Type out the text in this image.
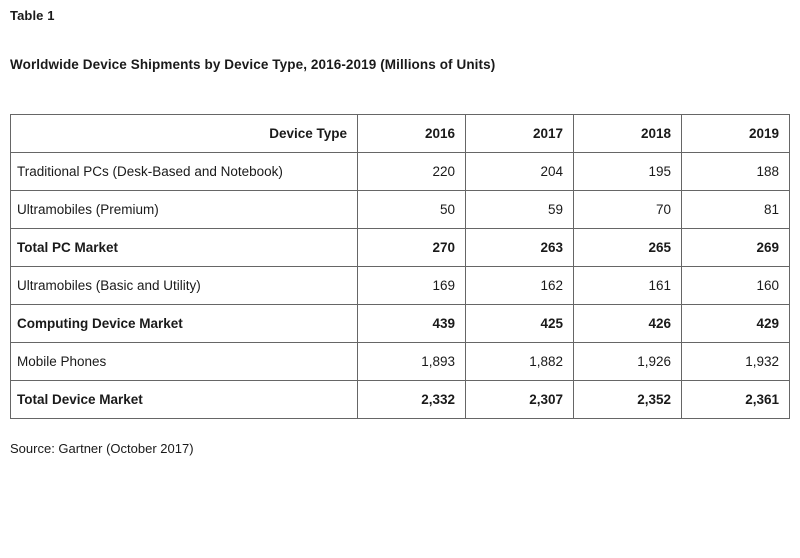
Table 1

Worldwide Device Shipments by Device Type, 2016-2019 (Millions of Units)

Device Type	2016	2017	2018	2019
Traditional PCs (Desk-Based and Notebook)	220	204	195	188
Ultramobiles (Premium)	50	59	70	81
Total PC Market	270	263	265	269
Ultramobiles (Basic and Utility)	169	162	161	160
Computing Device Market	439	425	426	429
Mobile Phones	1,893	1,882	1,926	1,932
Total Device Market	2,332	2,307	2,352	2,361

Source: Gartner (October 2017)
